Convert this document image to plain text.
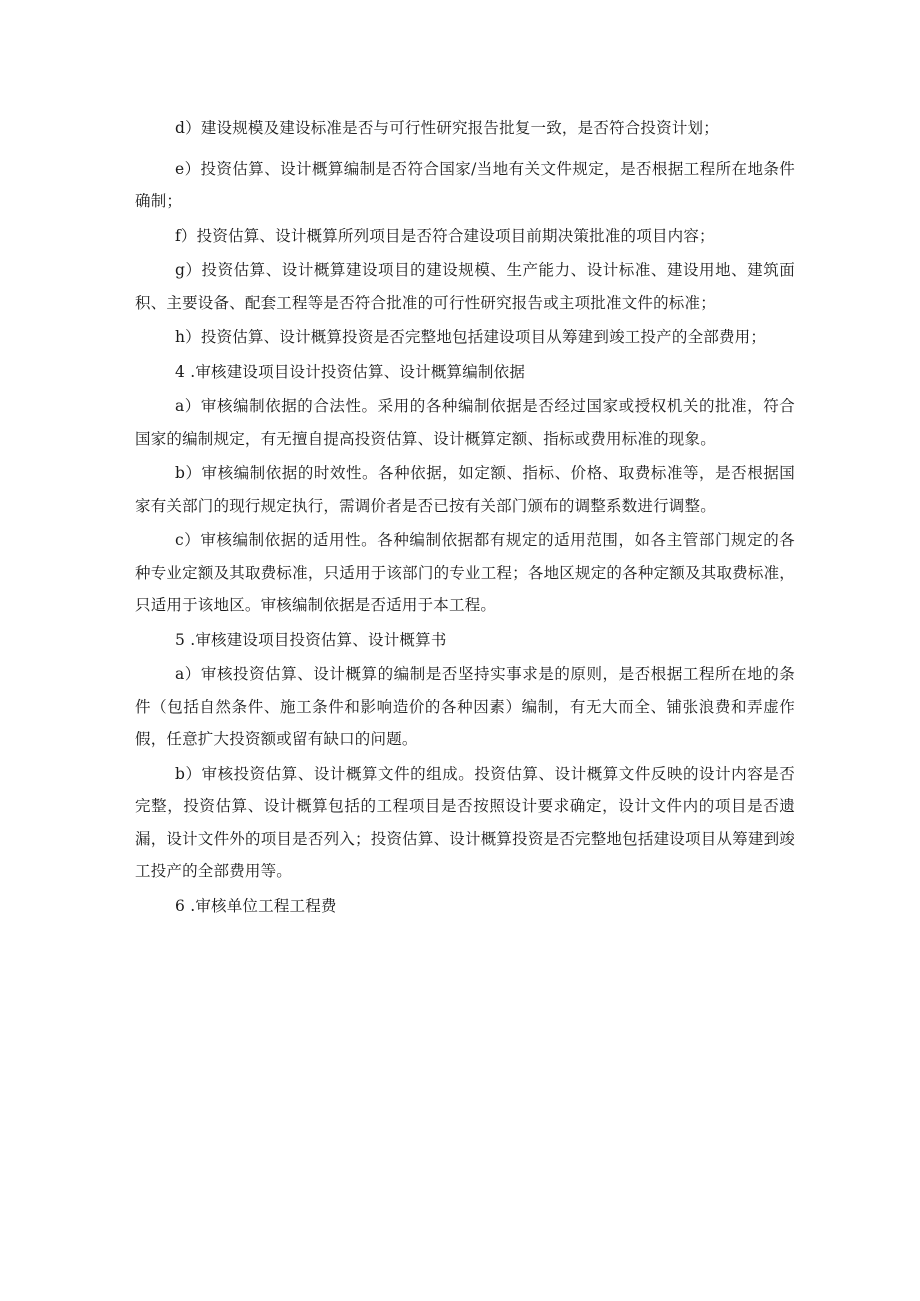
d）建设规模及建设标准是否与可行性研究报告批复一致，是否符合投资计划；

e）投资估算、设计概算编制是否符合国家/当地有关文件规定，是否根据工程所在地条件确制；

f）投资估算、设计概算所列项目是否符合建设项目前期决策批准的项目内容；

g）投资估算、设计概算建设项目的建设规模、生产能力、设计标准、建设用地、建筑面积、主要设备、配套工程等是否符合批准的可行性研究报告或主项批准文件的标准；

h）投资估算、设计概算投资是否完整地包括建设项目从筹建到竣工投产的全部费用；

4 .审核建设项目设计投资估算、设计概算编制依据

a）审核编制依据的合法性。采用的各种编制依据是否经过国家或授权机关的批准，符合国家的编制规定，有无擅自提高投资估算、设计概算定额、指标或费用标准的现象。

b）审核编制依据的时效性。各种依据，如定额、指标、价格、取费标准等，是否根据国家有关部门的现行规定执行，需调价者是否已按有关部门颁布的调整系数进行调整。

c）审核编制依据的适用性。各种编制依据都有规定的适用范围，如各主管部门规定的各种专业定额及其取费标准，只适用于该部门的专业工程；各地区规定的各种定额及其取费标准，只适用于该地区。审核编制依据是否适用于本工程。

5 .审核建设项目投资估算、设计概算书

a）审核投资估算、设计概算的编制是否坚持实事求是的原则，是否根据工程所在地的条件（包括自然条件、施工条件和影响造价的各种因素）编制，有无大而全、铺张浪费和弄虚作假，任意扩大投资额或留有缺口的问题。

b）审核投资估算、设计概算文件的组成。投资估算、设计概算文件反映的设计内容是否完整，投资估算、设计概算包括的工程项目是否按照设计要求确定，设计文件内的项目是否遗漏，设计文件外的项目是否列入；投资估算、设计概算投资是否完整地包括建设项目从筹建到竣工投产的全部费用等。

6 .审核单位工程工程费
